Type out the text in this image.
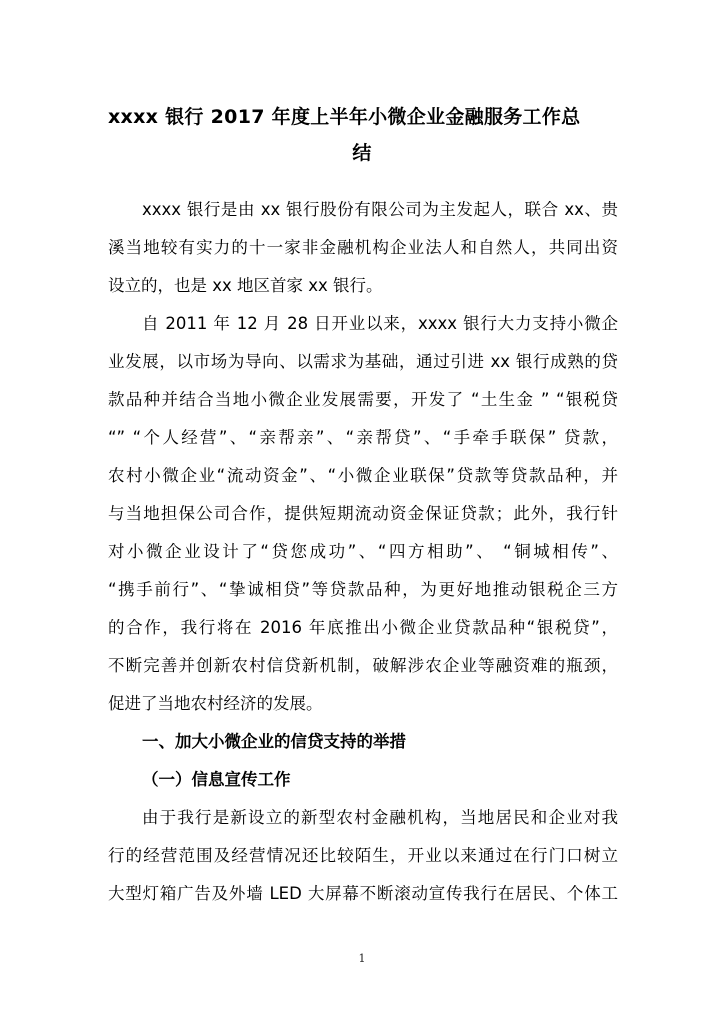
xxxx 银行 2017 年度上半年小微企业金融服务工作总
结
xxxx 银行是由 xx 银行股份有限公司为主发起人，联合 xx、贵
溪当地较有实力的十一家非金融机构企业法人和自然人，共同出资
设立的，也是 xx 地区首家 xx 银行。
自 2011 年 12 月 28 日开业以来，xxxx 银行大力支持小微企
业发展，以市场为导向、以需求为基础，通过引进 xx 银行成熟的贷
款品种并结合当地小微企业发展需要，开发了 “土生金 ” “银税贷
“” “个人经营”、“亲帮亲”、“亲帮贷”、“手牵手联保” 贷款，
农村小微企业“流动资金”、“小微企业联保”贷款等贷款品种，并
与当地担保公司合作，提供短期流动资金保证贷款；此外，我行针
对小微企业设计了“贷您成功”、“四方相助”、 “铜城相传”、
“携手前行”、“挚诚相贷”等贷款品种，为更好地推动银税企三方
的合作，我行将在 2016 年底推出小微企业贷款品种“银税贷”，
不断完善并创新农村信贷新机制，破解涉农企业等融资难的瓶颈，
促进了当地农村经济的发展。
一、加大小微企业的信贷支持的举措
（一）信息宣传工作
由于我行是新设立的新型农村金融机构，当地居民和企业对我
行的经营范围及经营情况还比较陌生，开业以来通过在行门口树立
大型灯箱广告及外墙 LED 大屏幕不断滚动宣传我行在居民、个体工
1
